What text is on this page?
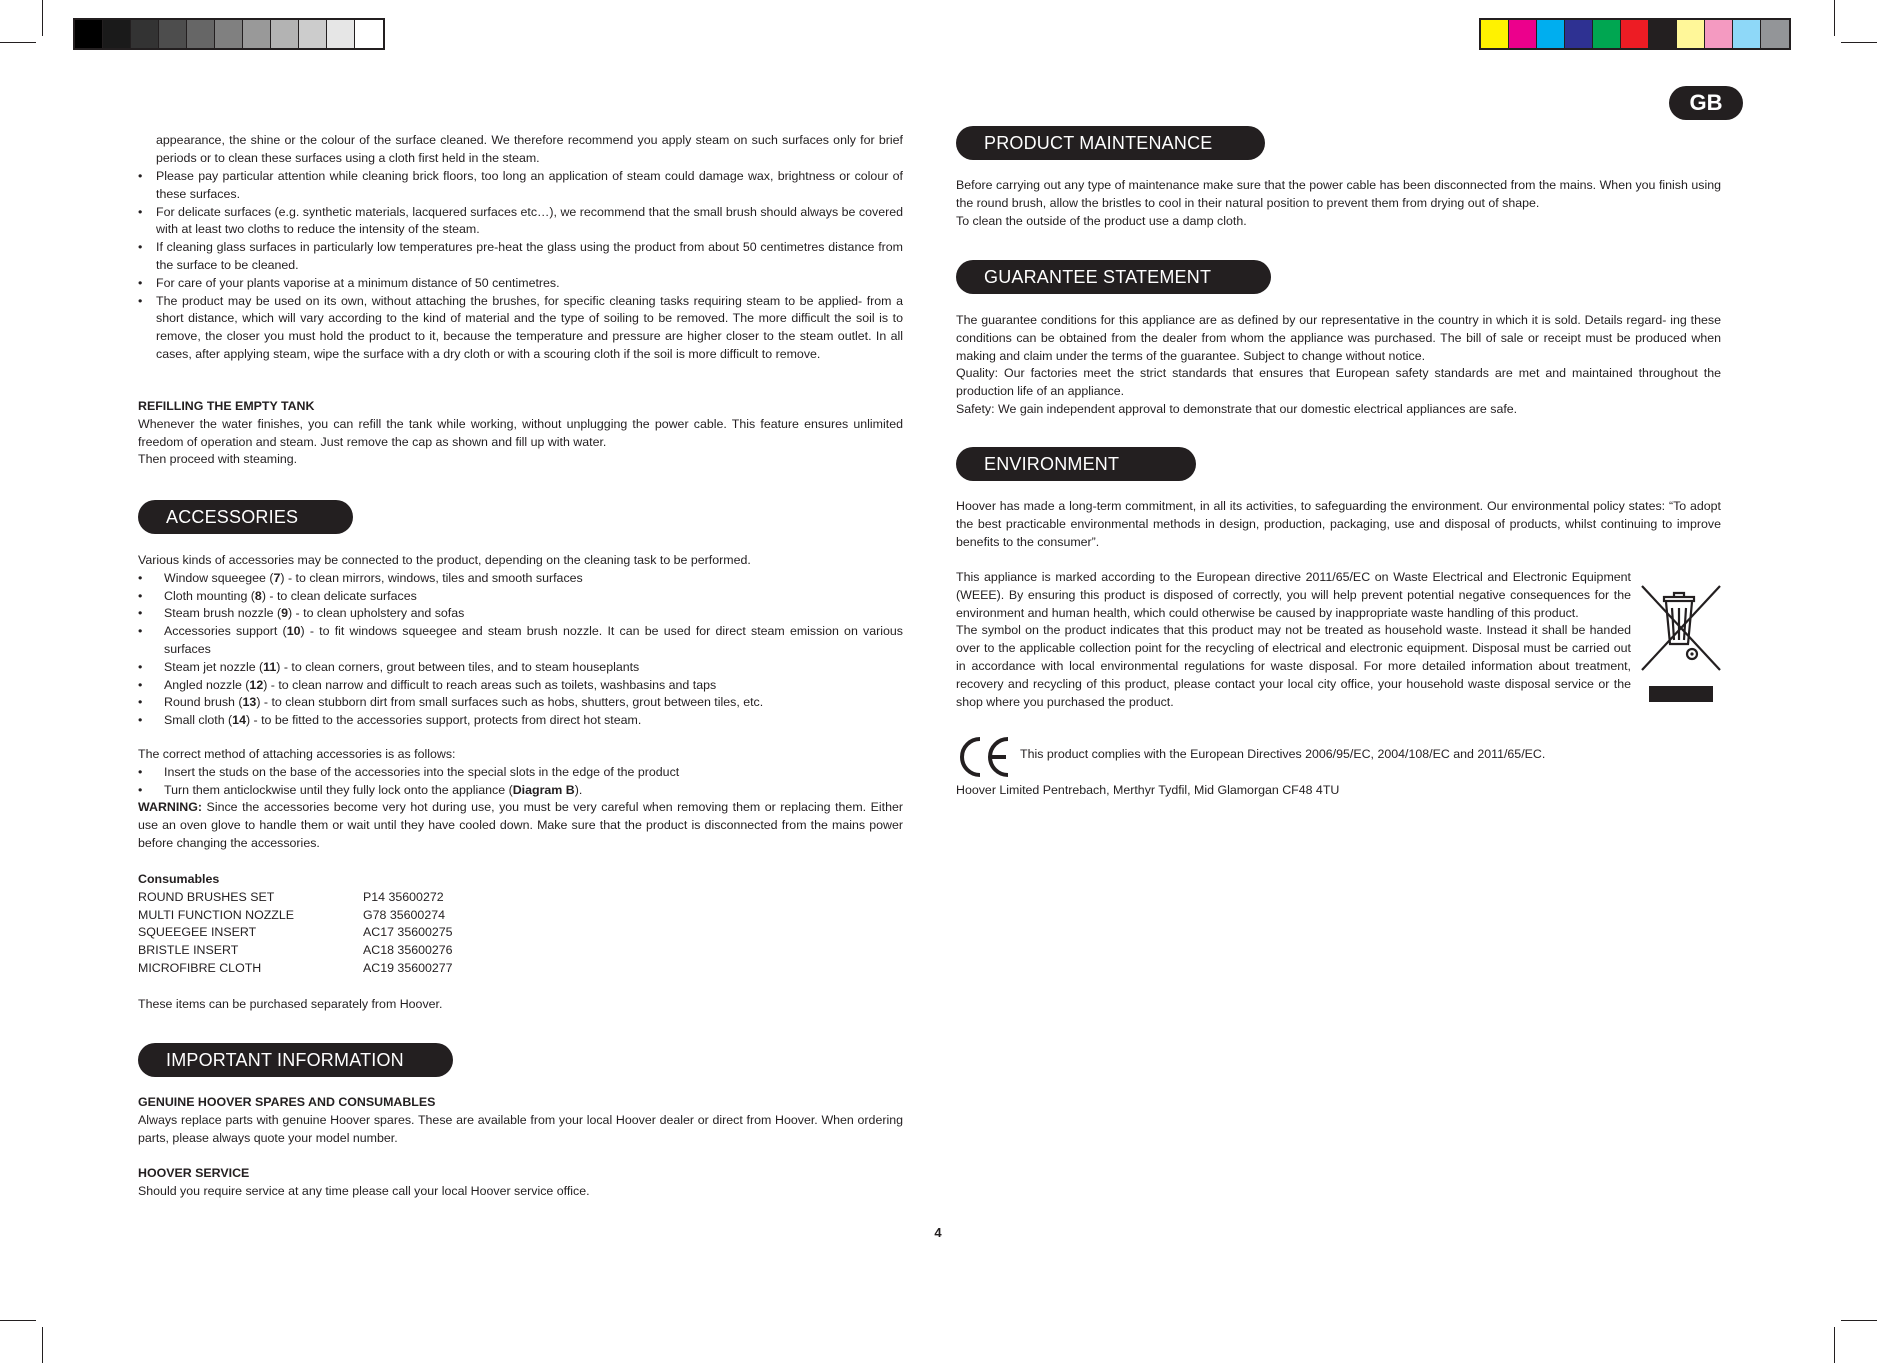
GB

appearance, the shine or the colour of the surface cleaned. We therefore recommend you apply steam on such surfaces only for brief periods or to clean these surfaces using a cloth first held in the steam.

• Please pay particular attention while cleaning brick floors, too long an application of steam could damage wax, brightness or colour of these surfaces.
• For delicate surfaces (e.g. synthetic materials, lacquered surfaces etc…), we recommend that the small brush should always be covered with at least two cloths to reduce the intensity of the steam.
• If cleaning glass surfaces in particularly low temperatures pre-heat the glass using the product from about 50 centimetres distance from the surface to be cleaned.
• For care of your plants vaporise at a minimum distance of 50 centimetres.
• The product may be used on its own, without attaching the brushes, for specific cleaning tasks requiring steam to be applied- from a short distance, which will vary according to the kind of material and the type of soiling to be removed. The more difficult the soil is to remove, the closer you must hold the product to it, because the temperature and pressure are higher closer to the steam outlet. In all cases, after applying steam, wipe the surface with a dry cloth or with a scouring cloth if the soil is more difficult to remove.
REFILLING THE EMPTY TANK

Whenever the water finishes, you can refill the tank while working, without unplugging the power cable. This feature ensures unlimited freedom of operation and steam. Just remove the cap as shown and fill up with water.

Then proceed with steaming.

ACCESSORIES

Various kinds of accessories may be connected to the product, depending on the cleaning task to be performed.

• Window squeegee (7) - to clean mirrors, windows, tiles and smooth surfaces
• Cloth mounting (8) - to clean delicate surfaces
• Steam brush nozzle (9) - to clean upholstery and sofas
• Accessories support (10) - to fit windows squeegee and steam brush nozzle. It can be used for direct steam emission on various surfaces
• Steam jet nozzle (11) - to clean corners, grout between tiles, and to steam houseplants
• Angled nozzle (12) - to clean narrow and difficult to reach areas such as toilets, washbasins and taps
• Round brush (13) - to clean stubborn dirt from small surfaces such as hobs, shutters, grout between tiles, etc.
• Small cloth (14) - to be fitted to the accessories support, protects from direct hot steam.

The correct method of attaching accessories is as follows:

• Insert the studs on the base of the accessories into the special slots in the edge of the product
• Turn them anticlockwise until they fully lock onto the appliance (Diagram B).

WARNING: Since the accessories become very hot during use, you must be very careful when removing them or replacing them. Either use an oven glove to handle them or wait until they have cooled down. Make sure that the product is disconnected from the mains power before changing the accessories.

Consumables
ROUND BRUSHES SET	P14 35600272
MULTI FUNCTION NOZZLE	G78 35600274
SQUEEGEE INSERT	AC17 35600275
BRISTLE INSERT	AC18 35600276
MICROFIBRE CLOTH	AC19 35600277

These items can be purchased separately from Hoover.

IMPORTANT INFORMATION
GENUINE HOOVER SPARES AND CONSUMABLES

Always replace parts with genuine Hoover spares. These are available from your local Hoover dealer or direct from Hoover. When ordering parts, please always quote your model number.

HOOVER SERVICE

Should you require service at any time please call your local Hoover service office.

PRODUCT MAINTENANCE

Before carrying out any type of maintenance make sure that the power cable has been disconnected from the mains. When you finish using the round brush, allow the bristles to cool in their natural position to prevent them from drying out of shape.

To clean the outside of the product use a damp cloth.

GUARANTEE STATEMENT

The guarantee conditions for this appliance are as defined by our representative in the country in which it is sold. Details regard- ing these conditions can be obtained from the dealer from whom the appliance was purchased. The bill of sale or receipt must be produced when making and claim under the terms of the guarantee. Subject to change without notice.

Quality: Our factories meet the strict standards that ensures that European safety standards are met and maintained throughout the production life of an appliance.

Safety: We gain independent approval to demonstrate that our domestic electrical appliances are safe.

ENVIRONMENT

Hoover has made a long-term commitment, in all its activities, to safeguarding the environment. Our environmental policy states: “To adopt the best practicable environmental methods in design, production, packaging, use and disposal of products, whilst continuing to improve benefits to the consumer”.

This appliance is marked according to the European directive 2011/65/EC on Waste Electrical and Electronic Equipment (WEEE). By ensuring this product is disposed of correctly, you will help prevent potential negative consequences for the environment and human health, which could otherwise be caused by inappropriate waste handling of this product.

The symbol on the product indicates that this product may not be treated as household waste. Instead it shall be handed over to the applicable collection point for the recycling of electrical and electronic equipment. Disposal must be carried out in accordance with local environmental regulations for waste disposal. For more detailed information about treatment, recovery and recycling of this product, please contact your local city office, your household waste disposal service or the shop where you purchased the product.

This product complies with the European Directives 2006/95/EC, 2004/108/EC and 2011/65/EC.

Hoover Limited Pentrebach, Merthyr Tydfil, Mid Glamorgan CF48 4TU

4
